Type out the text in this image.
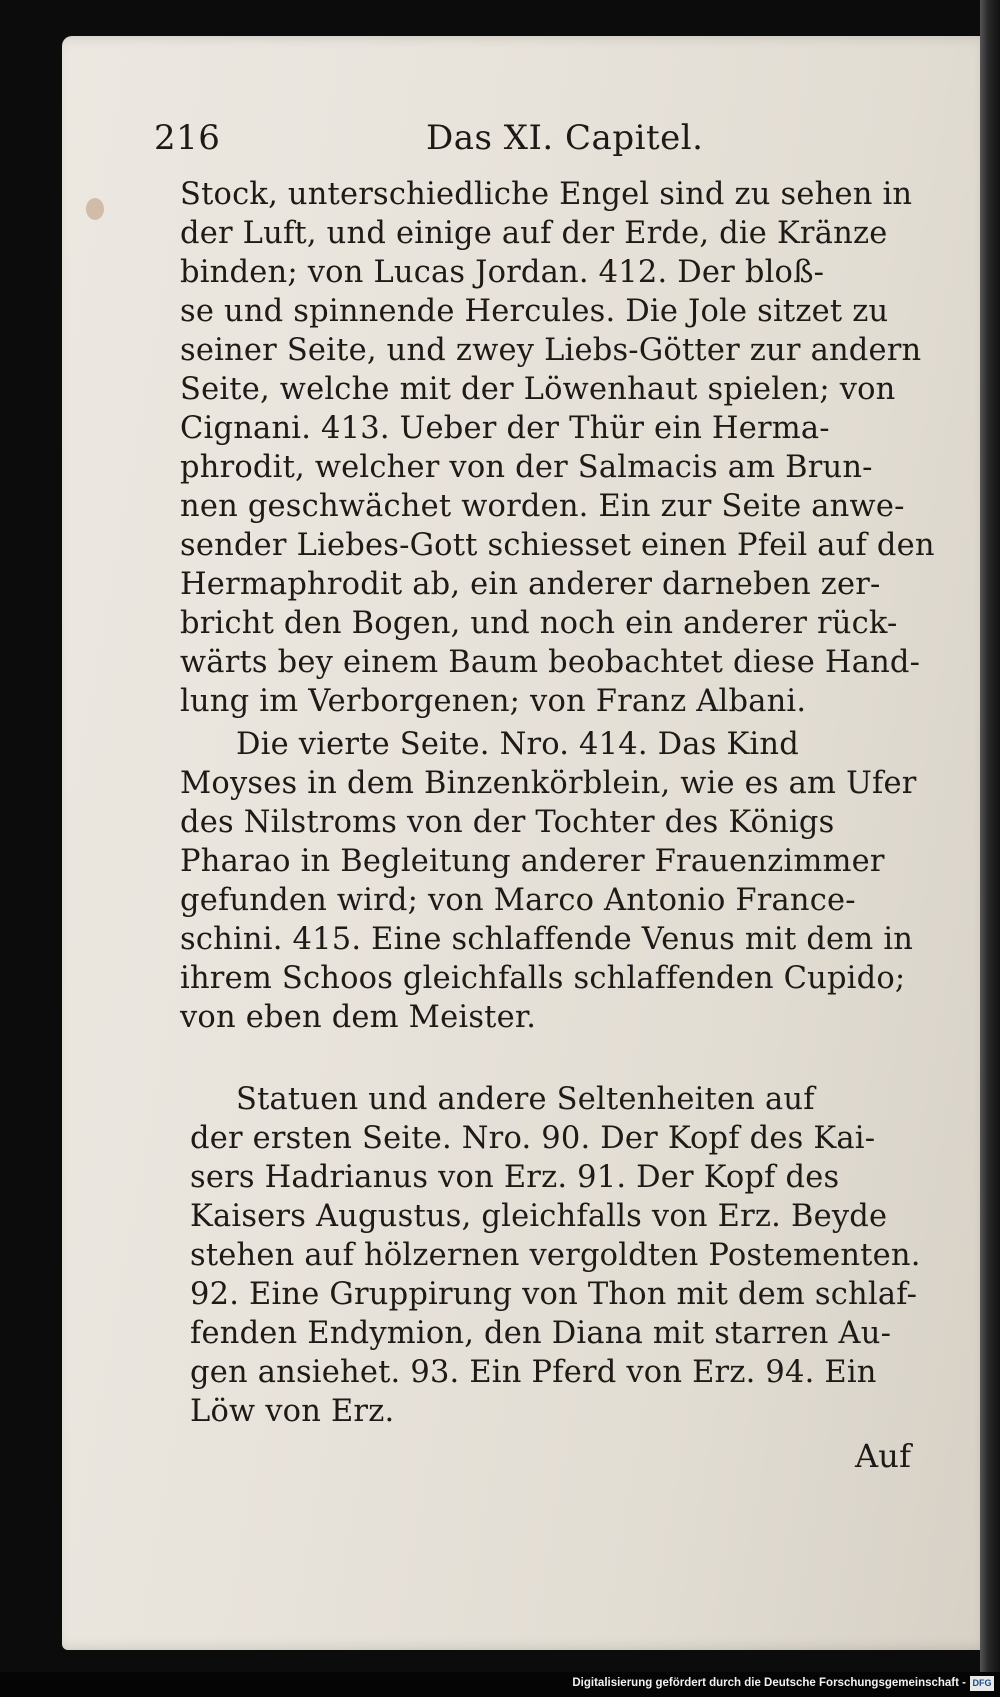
216	Das XI. Capitel.
Stock, unterschiedliche Engel sind zu sehen in
der Luft, und einige auf der Erde, die Kränze
binden; von Lucas Jordan. 412. Der bloß-
se und spinnende Hercules. Die Jole sitzet zu
seiner Seite, und zwey Liebs-Götter zur andern
Seite, welche mit der Löwenhaut spielen; von
Cignani. 413. Ueber der Thür ein Herma-
phrodit, welcher von der Salmacis am Brun-
nen geschwächet worden. Ein zur Seite anwe-
sender Liebes-Gott schiesset einen Pfeil auf den
Hermaphrodit ab, ein anderer darneben zer-
bricht den Bogen, und noch ein anderer rück-
wärts bey einem Baum beobachtet diese Hand-
lung im Verborgenen; von Franz Albani.
Die vierte Seite. Nro. 414. Das Kind
Moyses in dem Binzenkörblein, wie es am Ufer
des Nilstroms von der Tochter des Königs
Pharao in Begleitung anderer Frauenzimmer
gefunden wird; von Marco Antonio France-
schini. 415. Eine schlaffende Venus mit dem in
ihrem Schoos gleichfalls schlaffenden Cupido;
von eben dem Meister.
Statuen und andere Seltenheiten auf
der ersten Seite. Nro. 90. Der Kopf des Kai-
sers Hadrianus von Erz. 91. Der Kopf des
Kaisers Augustus, gleichfalls von Erz. Beyde
stehen auf hölzernen vergoldten Postementen.
92. Eine Gruppirung von Thon mit dem schlaf-
fenden Endymion, den Diana mit starren Au-
gen ansiehet. 93. Ein Pferd von Erz. 94. Ein
Löw von Erz.
Auf
Digitalisierung gefördert durch die Deutsche Forschungsgemeinschaft - DFG
